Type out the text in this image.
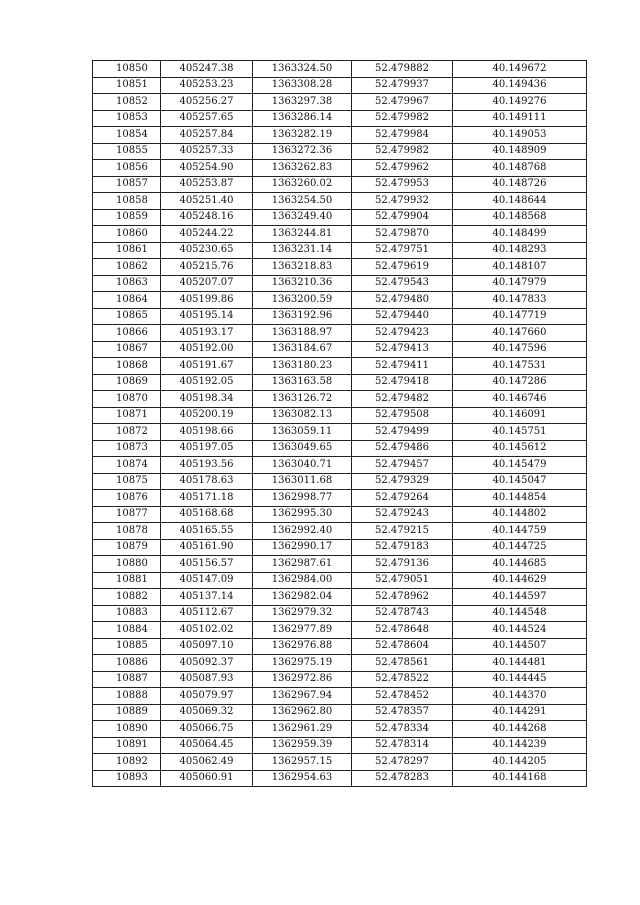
10850	405247.38	1363324.50	52.479882	40.149672
10851	405253.23	1363308.28	52.479937	40.149436
10852	405256.27	1363297.38	52.479967	40.149276
10853	405257.65	1363286.14	52.479982	40.149111
10854	405257.84	1363282.19	52.479984	40.149053
10855	405257.33	1363272.36	52.479982	40.148909
10856	405254.90	1363262.83	52.479962	40.148768
10857	405253.87	1363260.02	52.479953	40.148726
10858	405251.40	1363254.50	52.479932	40.148644
10859	405248.16	1363249.40	52.479904	40.148568
10860	405244.22	1363244.81	52.479870	40.148499
10861	405230.65	1363231.14	52.479751	40.148293
10862	405215.76	1363218.83	52.479619	40.148107
10863	405207.07	1363210.36	52.479543	40.147979
10864	405199.86	1363200.59	52.479480	40.147833
10865	405195.14	1363192.96	52.479440	40.147719
10866	405193.17	1363188.97	52.479423	40.147660
10867	405192.00	1363184.67	52.479413	40.147596
10868	405191.67	1363180.23	52.479411	40.147531
10869	405192.05	1363163.58	52.479418	40.147286
10870	405198.34	1363126.72	52.479482	40.146746
10871	405200.19	1363082.13	52.479508	40.146091
10872	405198.66	1363059.11	52.479499	40.145751
10873	405197.05	1363049.65	52.479486	40.145612
10874	405193.56	1363040.71	52.479457	40.145479
10875	405178.63	1363011.68	52.479329	40.145047
10876	405171.18	1362998.77	52.479264	40.144854
10877	405168.68	1362995.30	52.479243	40.144802
10878	405165.55	1362992.40	52.479215	40.144759
10879	405161.90	1362990.17	52.479183	40.144725
10880	405156.57	1362987.61	52.479136	40.144685
10881	405147.09	1362984.00	52.479051	40.144629
10882	405137.14	1362982.04	52.478962	40.144597
10883	405112.67	1362979.32	52.478743	40.144548
10884	405102.02	1362977.89	52.478648	40.144524
10885	405097.10	1362976.88	52.478604	40.144507
10886	405092.37	1362975.19	52.478561	40.144481
10887	405087.93	1362972.86	52.478522	40.144445
10888	405079.97	1362967.94	52.478452	40.144370
10889	405069.32	1362962.80	52.478357	40.144291
10890	405066.75	1362961.29	52.478334	40.144268
10891	405064.45	1362959.39	52.478314	40.144239
10892	405062.49	1362957.15	52.478297	40.144205
10893	405060.91	1362954.63	52.478283	40.144168
